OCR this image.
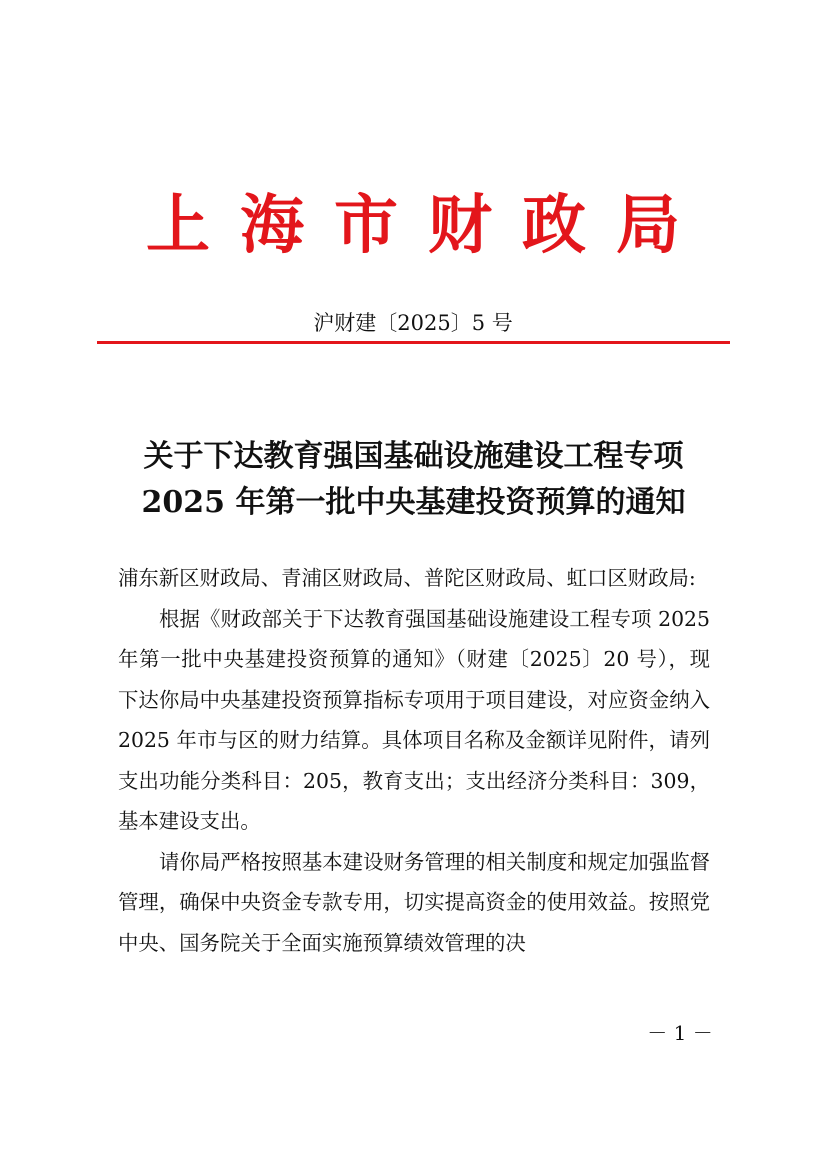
上海市财政局
沪财建〔2025〕5 号
关于下达教育强国基础设施建设工程专项
2025 年第一批中央基建投资预算的通知

浦东新区财政局、青浦区财政局、普陀区财政局、虹口区财政局:

根据《财政部关于下达教育强国基础设施建设工程专项 2025 年第一批中央基建投资预算的通知》（财建〔2025〕20 号），现下达你局中央基建投资预算指标专项用于项目建设，对应资金纳入 2025 年市与区的财力结算。具体项目名称及金额详见附件，请列支出功能分类科目：205，教育支出；支出经济分类科目：309，基本建设支出。

请你局严格按照基本建设财务管理的相关制度和规定加强监督管理，确保中央资金专款专用，切实提高资金的使用效益。按照党中央、国务院关于全面实施预算绩效管理的决

－ 1 －
